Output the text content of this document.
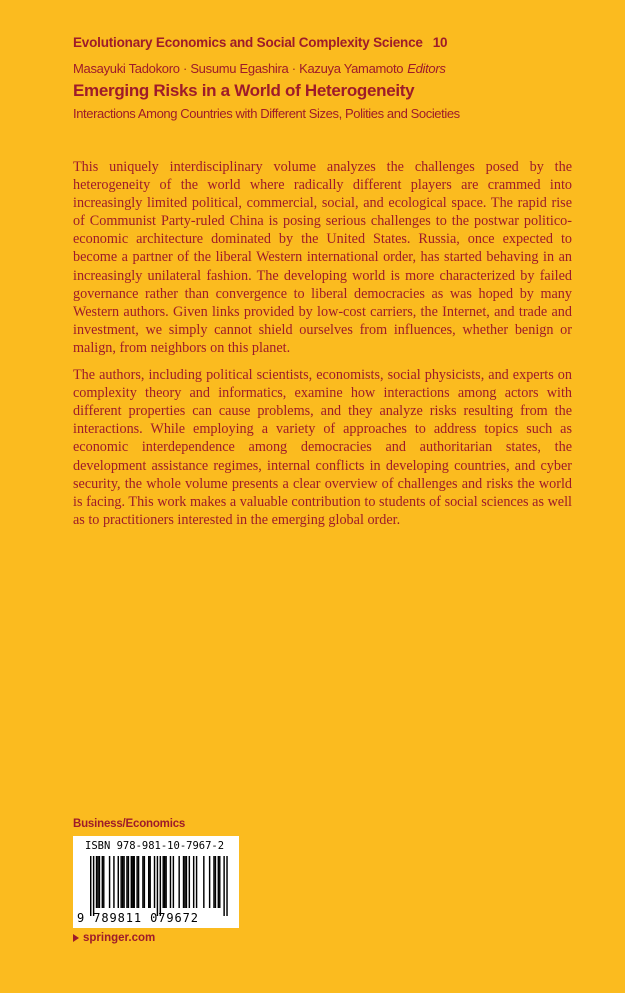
Evolutionary Economics and Social Complexity Science 10
Masayuki Tadokoro · Susumu Egashira · Kazuya Yamamoto Editors
Emerging Risks in a World of Heterogeneity
Interactions Among Countries with Different Sizes, Polities and Societies

This uniquely interdisciplinary volume analyzes the challenges posed by the heterogeneity of the world where radically different players are crammed into increasingly limited political, commercial, social, and ecological space. The rapid rise of Communist Party-ruled China is posing serious challenges to the postwar politico-economic architecture dominated by the United States. Russia, once expected to become a partner of the liberal Western international order, has started behaving in an increasingly unilateral fashion. The developing world is more characterized by failed governance rather than convergence to liberal democracies as was hoped by many Western authors. Given links provided by low-cost carriers, the Internet, and trade and investment, we simply cannot shield ourselves from influences, whether benign or malign, from neighbors on this planet.

The authors, including political scientists, economists, social physicists, and experts on complexity theory and informatics, examine how interactions among actors with different properties can cause problems, and they analyze risks resulting from the interactions. While employing a variety of approaches to address topics such as economic interdependence among democracies and authoritarian states, the development assistance regimes, internal conflicts in developing countries, and cyber security, the whole volume presents a clear overview of challenges and risks the world is facing. This work makes a valuable contribution to students of social sciences as well as to practitioners interested in the emerging global order.

Business/Economics
ISBN 978-981-10-7967-2
9 789811 079672
springer.com
